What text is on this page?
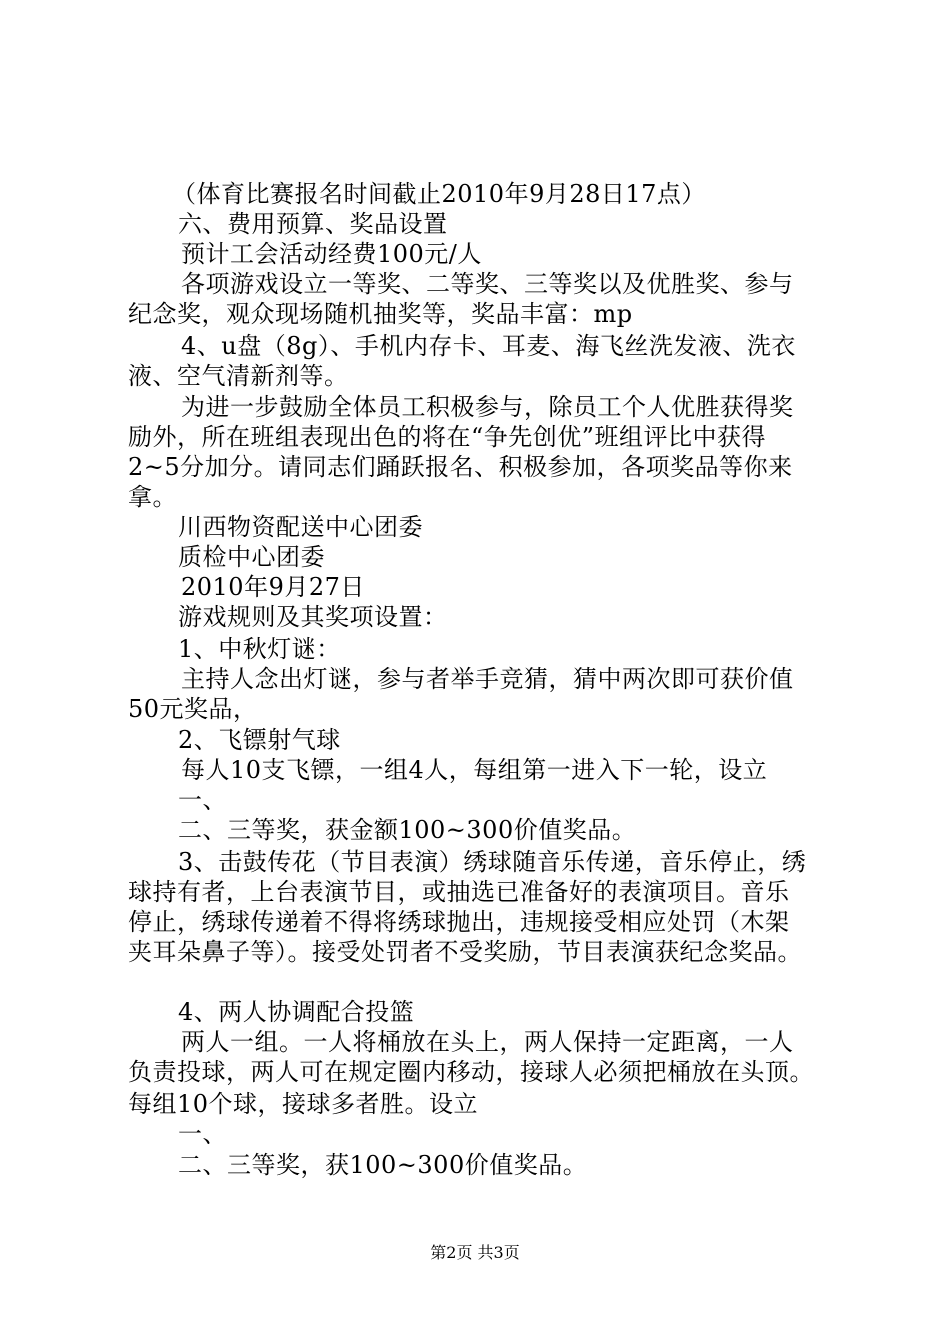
（体育比赛报名时间截止2010年9月28日17点）
六、费用预算、奖品设置
预计工会活动经费100元/人
各项游戏设立一等奖、二等奖、三等奖以及优胜奖、参与
纪念奖，观众现场随机抽奖等，奖品丰富：mp
4、u盘（8g）、手机内存卡、耳麦、海飞丝洗发液、洗衣
液、空气清新剂等。
为进一步鼓励全体员工积极参与，除员工个人优胜获得奖
励外，所在班组表现出色的将在“争先创优”班组评比中获得
2~5分加分。请同志们踊跃报名、积极参加，各项奖品等你来
拿。
川西物资配送中心团委
质检中心团委
2010年9月27日
游戏规则及其奖项设置：
1、中秋灯谜：
主持人念出灯谜，参与者举手竞猜，猜中两次即可获价值
50元奖品，
2、飞镖射气球
每人10支飞镖，一组4人，每组第一进入下一轮，设立
一、
二、三等奖，获金额100~300价值奖品。
3、击鼓传花（节目表演）绣球随音乐传递，音乐停止，绣
球持有者，上台表演节目，或抽选已准备好的表演项目。音乐
停止，绣球传递着不得将绣球抛出，违规接受相应处罚（木架
夹耳朵鼻子等）。接受处罚者不受奖励，节目表演获纪念奖品。
4、两人协调配合投篮
两人一组。一人将桶放在头上，两人保持一定距离，一人
负责投球，两人可在规定圈内移动，接球人必须把桶放在头顶。
每组10个球，接球多者胜。设立
一、
二、三等奖，获100~300价值奖品。
第2页 共3页
